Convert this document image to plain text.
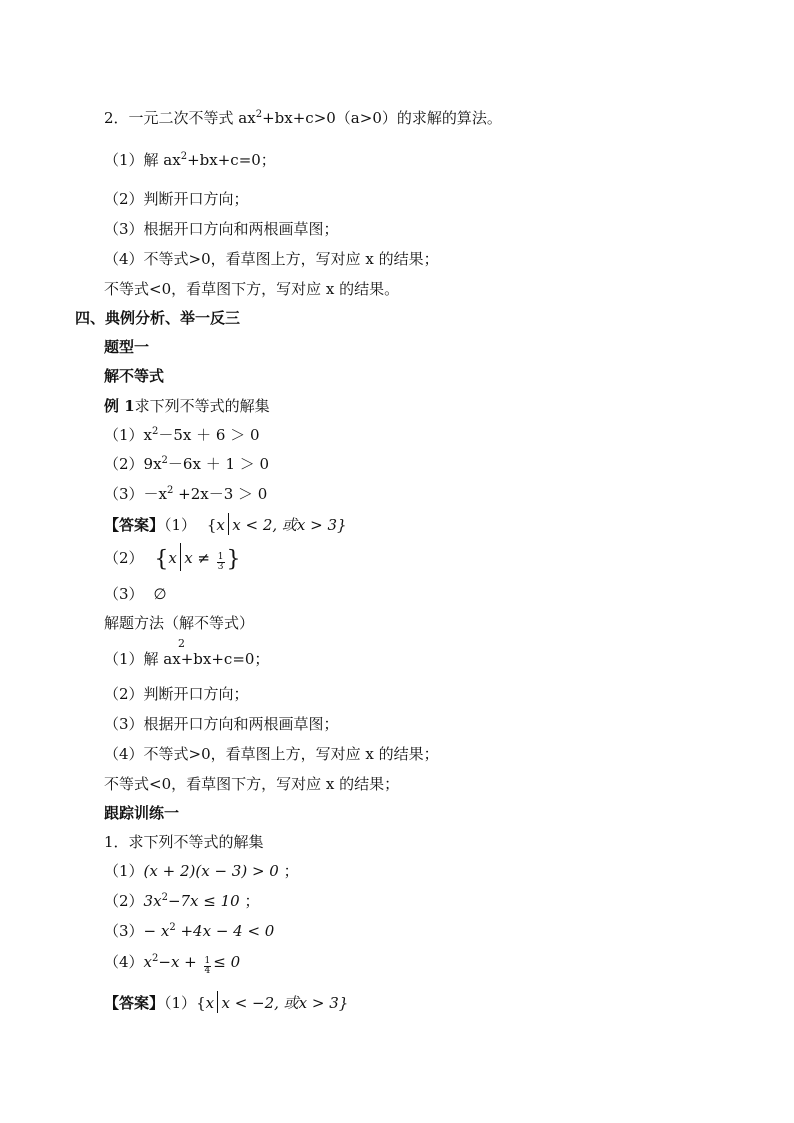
2．一元二次不等式 $ax^2+bx+c>0(a>0)$的求解的算法。
（1）解 $ax^2+bx+c=0$；
（2）判断开口方向；
（3）根据开口方向和两根画草图；
（4）不等式>0，看草图上方，写对应 x 的结果；
不等式<0，看草图下方，写对应 x 的结果。
四、典例分析、举一反三
题型一
解不等式
例 1求下列不等式的解集
$(1)x^2-5x + 6 > 0$
$(2)9x^2-6x + 1 > 0$
$(3)-x^2 +2x-3 > 0$
【答案】（1） {x x < 2, 或x > 3}
（2） {x $x \ne \frac{1}{3}$ }
（3） ∅
解题方法（解不等式）
（1）解 ax+bx+c=0；
2
（2）判断开口方向；
（3）根据开口方向和两根画草图；
（4）不等式>0，看草图上方，写对应 x 的结果；
不等式<0，看草图下方，写对应 x 的结果；
跟踪训练一
1．求下列不等式的解集
（1）(x + 2)(x − 3) > 0 ；
$(2)3x^2-7x \le 10$ ；
$(3)- x^2 +4x - 4 < 0$
$(4)x^2-x + \frac{1}{4} \le 0$
【答案】（1）{x x < −2, 或x > 3}
